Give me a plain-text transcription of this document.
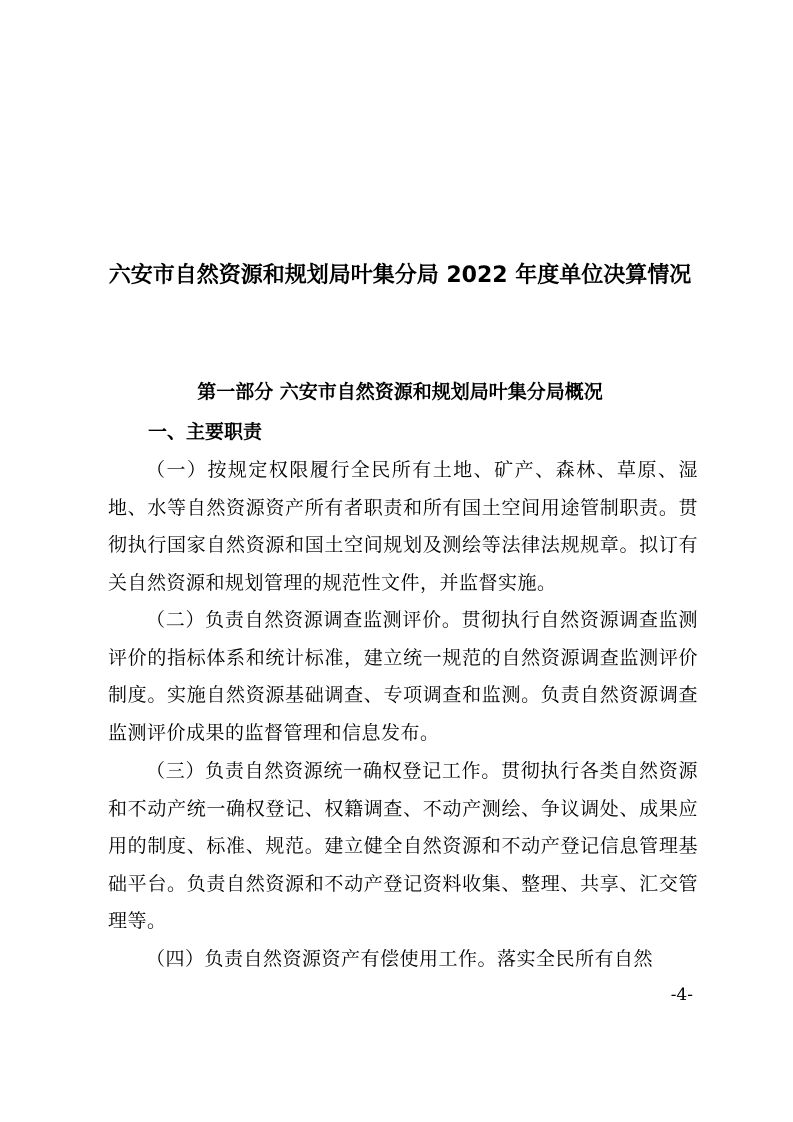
六安市自然资源和规划局叶集分局 2022 年度单位决算情况
第一部分 六安市自然资源和规划局叶集分局概况
一、主要职责

（一）按规定权限履行全民所有土地、矿产、森林、草原、湿地、水等自然资源资产所有者职责和所有国土空间用途管制职责。贯彻执行国家自然资源和国土空间规划及测绘等法律法规规章。拟订有关自然资源和规划管理的规范性文件，并监督实施。

（二）负责自然资源调查监测评价。贯彻执行自然资源调查监测评价的指标体系和统计标准，建立统一规范的自然资源调查监测评价制度。实施自然资源基础调查、专项调查和监测。负责自然资源调查监测评价成果的监督管理和信息发布。

（三）负责自然资源统一确权登记工作。贯彻执行各类自然资源和不动产统一确权登记、权籍调查、不动产测绘、争议调处、成果应用的制度、标准、规范。建立健全自然资源和不动产登记信息管理基础平台。负责自然资源和不动产登记资料收集、整理、共享、汇交管理等。

（四）负责自然资源资产有偿使用工作。落实全民所有自然

-4-
